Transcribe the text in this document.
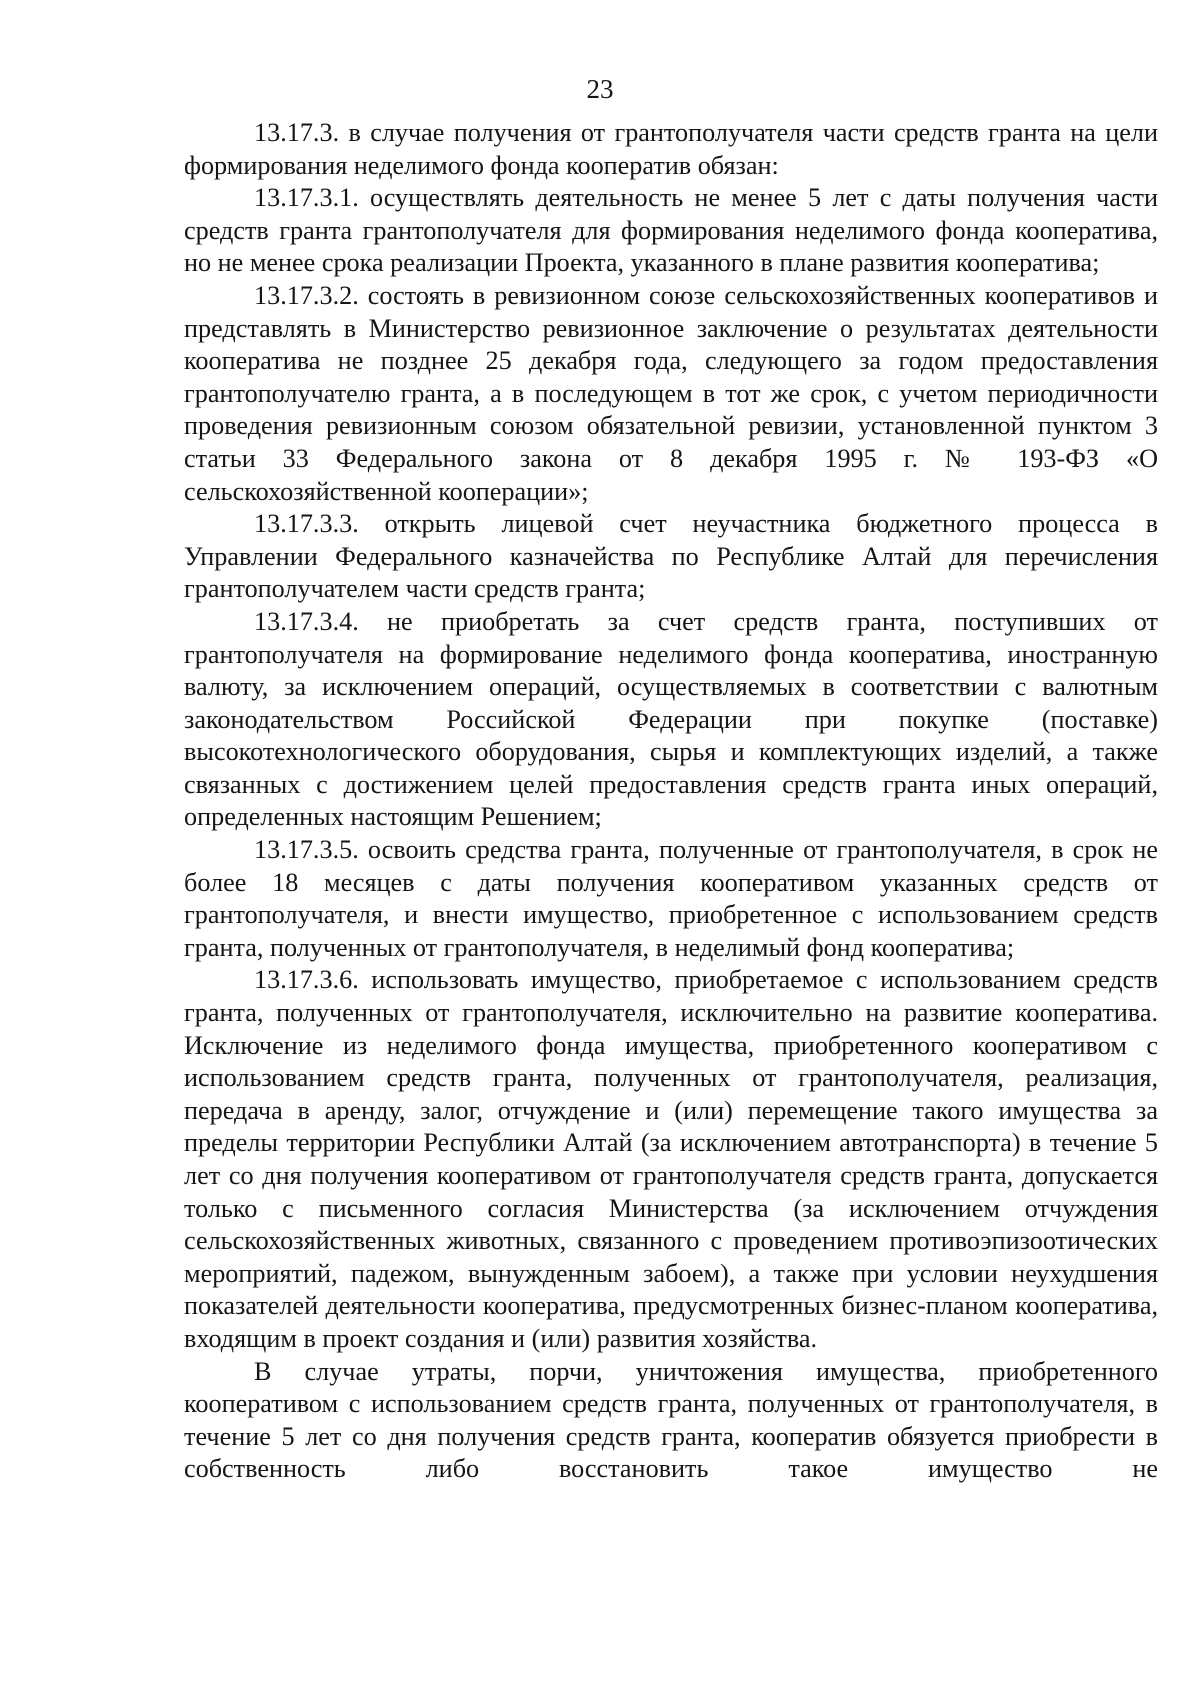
23

13.17.3. в случае получения от грантополучателя части средств гранта на цели формирования неделимого фонда кооператив обязан:

13.17.3.1. осуществлять деятельность не менее 5 лет с даты получения части средств гранта грантополучателя для формирования неделимого фонда кооператива, но не менее срока реализации Проекта, указанного в плане развития кооператива;

13.17.3.2. состоять в ревизионном союзе сельскохозяйственных кооперативов и представлять в Министерство ревизионное заключение о результатах деятельности кооператива не позднее 25 декабря года, следующего за годом предоставления грантополучателю гранта, а в последующем в тот же срок, с учетом периодичности проведения ревизионным союзом обязательной ревизии, установленной пунктом 3 статьи 33 Федерального закона от 8 декабря 1995 г. № 193-ФЗ «О сельскохозяйственной кооперации»;

13.17.3.3. открыть лицевой счет неучастника бюджетного процесса в Управлении Федерального казначейства по Республике Алтай для перечисления грантополучателем части средств гранта;

13.17.3.4. не приобретать за счет средств гранта, поступивших от грантополучателя на формирование неделимого фонда кооператива, иностранную валюту, за исключением операций, осуществляемых в соответствии с валютным законодательством Российской Федерации при покупке (поставке) высокотехнологического оборудования, сырья и комплектующих изделий, а также связанных с достижением целей предоставления средств гранта иных операций, определенных настоящим Решением;

13.17.3.5. освоить средства гранта, полученные от грантополучателя, в срок не более 18 месяцев с даты получения кооперативом указанных средств от грантополучателя, и внести имущество, приобретенное с использованием средств гранта, полученных от грантополучателя, в неделимый фонд кооператива;

13.17.3.6. использовать имущество, приобретаемое с использованием средств гранта, полученных от грантополучателя, исключительно на развитие кооператива. Исключение из неделимого фонда имущества, приобретенного кооперативом с использованием средств гранта, полученных от грантополучателя, реализация, передача в аренду, залог, отчуждение и (или) перемещение такого имущества за пределы территории Республики Алтай (за исключением автотранспорта) в течение 5 лет со дня получения кооперативом от грантополучателя средств гранта, допускается только с письменного согласия Министерства (за исключением отчуждения сельскохозяйственных животных, связанного с проведением противоэпизоотических мероприятий, падежом, вынужденным забоем), а также при условии неухудшения показателей деятельности кооператива, предусмотренных бизнес-планом кооператива, входящим в проект создания и (или) развития хозяйства.

В случае утраты, порчи, уничтожения имущества, приобретенного кооперативом с использованием средств гранта, полученных от грантополучателя, в течение 5 лет со дня получения средств гранта, кооператив обязуется приобрести в собственность либо восстановить такое имущество не
